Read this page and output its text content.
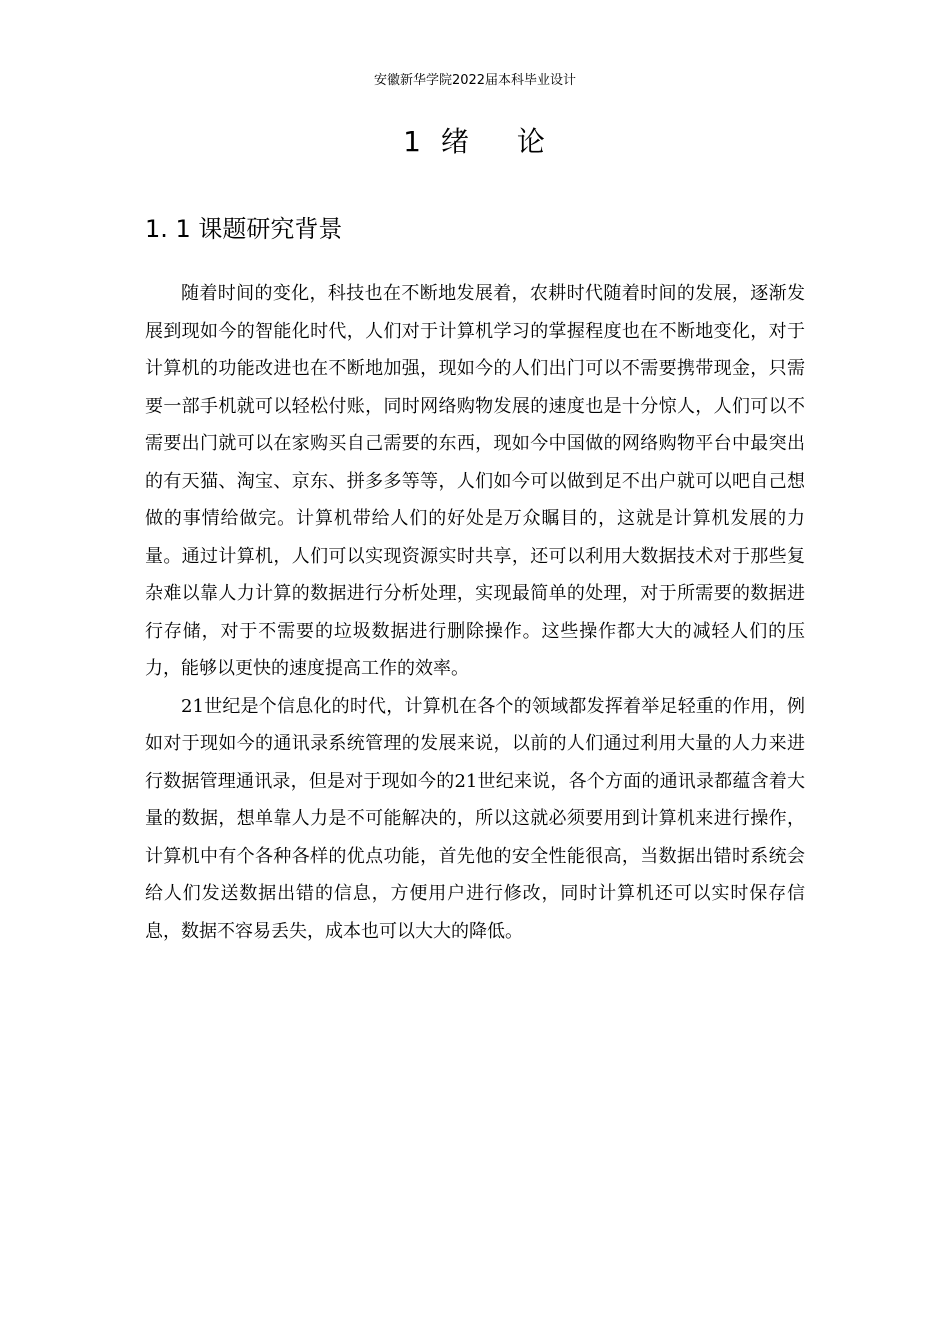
安徽新华学院2022届本科毕业设计
1 绪 论
1. 1 课题研究背景

随着时间的变化，科技也在不断地发展着，农耕时代随着时间的发展，逐渐发展到现如今的智能化时代，人们对于计算机学习的掌握程度也在不断地变化，对于计算机的功能改进也在不断地加强，现如今的人们出门可以不需要携带现金，只需要一部手机就可以轻松付账，同时网络购物发展的速度也是十分惊人，人们可以不需要出门就可以在家购买自己需要的东西，现如今中国做的网络购物平台中最突出的有天猫、淘宝、京东、拼多多等等，人们如今可以做到足不出户就可以吧自己想做的事情给做完。计算机带给人们的好处是万众瞩目的，这就是计算机发展的力量。通过计算机，人们可以实现资源实时共享，还可以利用大数据技术对于那些复杂难以靠人力计算的数据进行分析处理，实现最简单的处理，对于所需要的数据进行存储，对于不需要的垃圾数据进行删除操作。这些操作都大大的减轻人们的压力，能够以更快的速度提高工作的效率。

21世纪是个信息化的时代，计算机在各个的领域都发挥着举足轻重的作用，例如对于现如今的通讯录系统管理的发展来说，以前的人们通过利用大量的人力来进行数据管理通讯录，但是对于现如今的21世纪来说，各个方面的通讯录都蕴含着大量的数据，想单靠人力是不可能解决的，所以这就必须要用到计算机来进行操作，计算机中有个各种各样的优点功能，首先他的安全性能很高，当数据出错时系统会给人们发送数据出错的信息，方便用户进行修改，同时计算机还可以实时保存信息，数据不容易丢失，成本也可以大大的降低。
